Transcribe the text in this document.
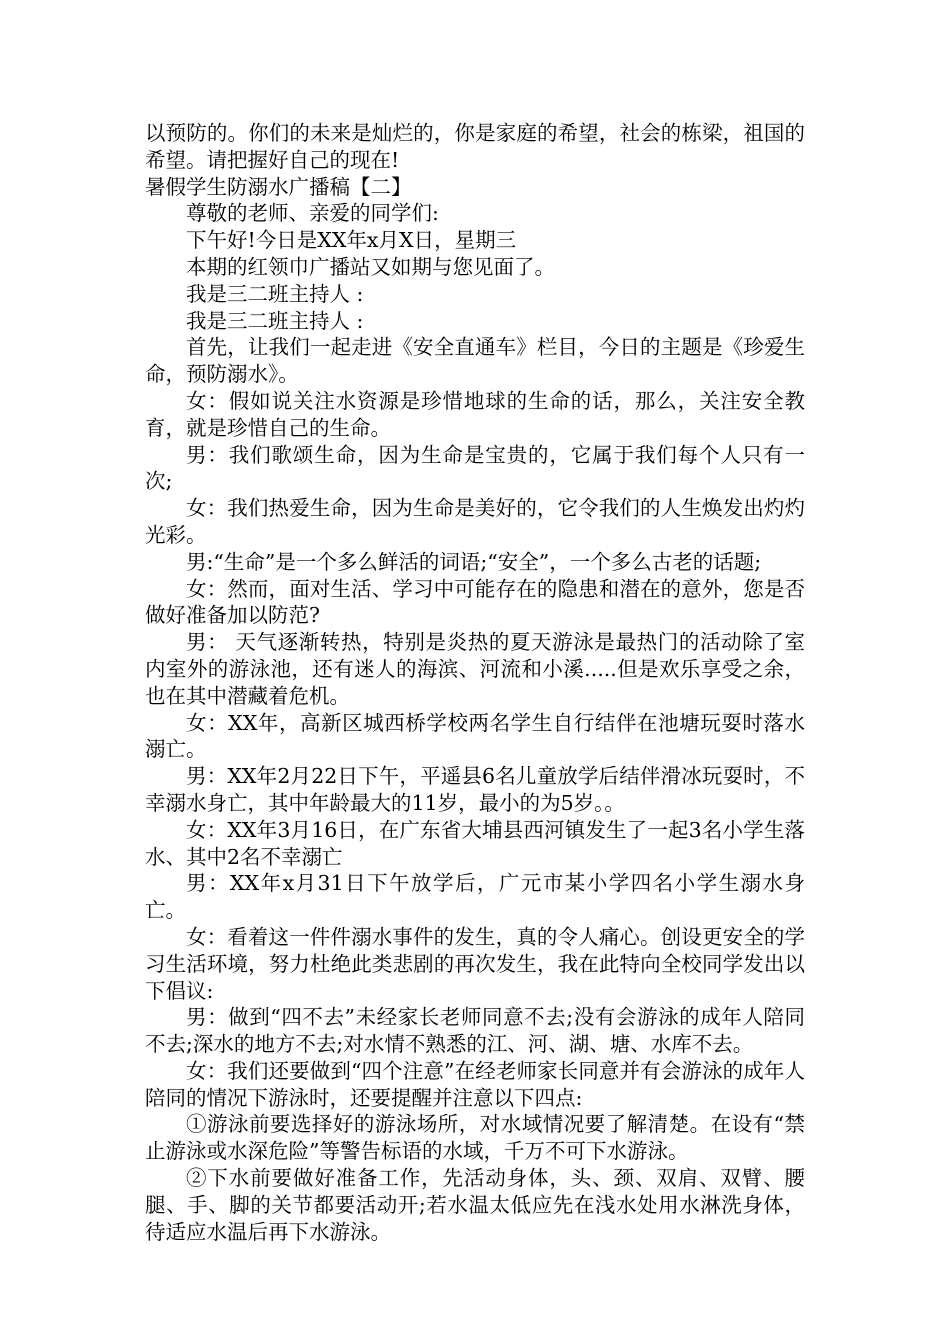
以预防的。你们的未来是灿烂的，你是家庭的希望，社会的栋梁，祖国的希望。请把握好自己的现在!

暑假学生防溺水广播稿【二】

尊敬的老师、亲爱的同学们:

下午好!今日是XX年x月X日，星期三

本期的红领巾广播站又如期与您见面了。

我是三二班主持人 :

我是三二班主持人 :

首先，让我们一起走进《安全直通车》栏目，今日的主题是《珍爱生命，预防溺水》。

女：假如说关注水资源是珍惜地球的生命的话，那么，关注安全教育，就是珍惜自己的生命。

男：我们歌颂生命，因为生命是宝贵的，它属于我们每个人只有一次;

女：我们热爱生命，因为生命是美好的，它令我们的人生焕发出灼灼光彩。

男:“生命”是一个多么鲜活的词语;“安全”，一个多么古老的话题;

女：然而，面对生活、学习中可能存在的隐患和潜在的意外，您是否做好准备加以防范?

男： 天气逐渐转热，特别是炎热的夏天游泳是最热门的活动除了室内室外的游泳池，还有迷人的海滨、河流和小溪.....但是欢乐享受之余，也在其中潜藏着危机。

女：XX年，高新区城西桥学校两名学生自行结伴在池塘玩耍时落水溺亡。

男：XX年2月22日下午，平遥县6名儿童放学后结伴滑冰玩耍时，不幸溺水身亡，其中年龄最大的11岁，最小的为5岁。。

女：XX年3月16日，在广东省大埔县西河镇发生了一起3名小学生落水、其中2名不幸溺亡

男：XX年x月31日下午放学后，广元市某小学四名小学生溺水身亡。

女：看着这一件件溺水事件的发生，真的令人痛心。创设更安全的学习生活环境，努力杜绝此类悲剧的再次发生，我在此特向全校同学发出以下倡议:

男：做到“四不去”未经家长老师同意不去;没有会游泳的成年人陪同不去;深水的地方不去;对水情不熟悉的江、河、湖、塘、水库不去。

女：我们还要做到“四个注意”在经老师家长同意并有会游泳的成年人陪同的情况下游泳时，还要提醒并注意以下四点:

①游泳前要选择好的游泳场所，对水域情况要了解清楚。在设有“禁止游泳或水深危险”等警告标语的水域，千万不可下水游泳。

②下水前要做好准备工作，先活动身体，头、颈、双肩、双臂、腰腿、手、脚的关节都要活动开;若水温太低应先在浅水处用水淋洗身体，待适应水温后再下水游泳。
